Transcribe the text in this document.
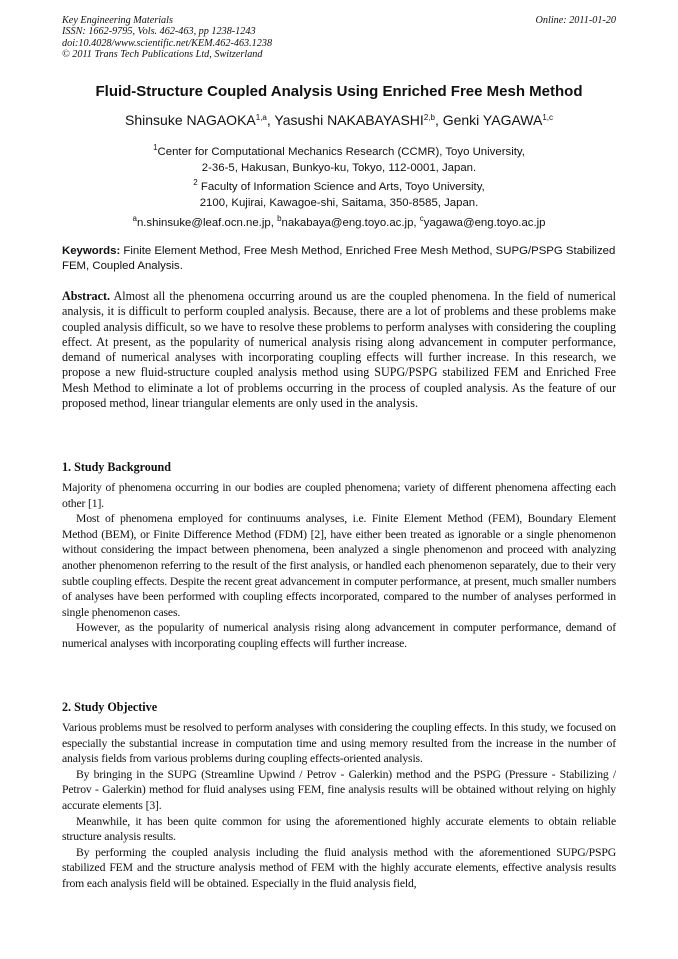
Key Engineering Materials
ISSN: 1662-9795, Vols. 462-463, pp 1238-1243
doi:10.4028/www.scientific.net/KEM.462-463.1238
© 2011 Trans Tech Publications Ltd, Switzerland
Online: 2011-01-20
Fluid-Structure Coupled Analysis Using Enriched Free Mesh Method
Shinsuke NAGAOKA$^{1,a}$, Yasushi NAKABAYASHI$^{2,b}$, Genki YAGAWA$^{1,c}$
$^1$Center for Computational Mechanics Research (CCMR), Toyo University,
2-36-5, Hakusan, Bunkyo-ku, Tokyo, 112-0001, Japan.
$^2$ Faculty of Information Science and Arts, Toyo University,
2100, Kujirai, Kawagoe-shi, Saitama, 350-8585, Japan.
$^a$n.shinsuke@leaf.ocn.ne.jp, $^b$nakabaya@eng.toyo.ac.jp, $^c$yagawa@eng.toyo.ac.jp
Keywords: Finite Element Method, Free Mesh Method, Enriched Free Mesh Method, SUPG/PSPG Stabilized FEM, Coupled Analysis.
Abstract. Almost all the phenomena occurring around us are the coupled phenomena. In the field of numerical analysis, it is difficult to perform coupled analysis. Because, there are a lot of problems and these problems make coupled analysis difficult, so we have to resolve these problems to perform analyses with considering the coupling effect. At present, as the popularity of numerical analysis rising along advancement in computer performance, demand of numerical analyses with incorporating coupling effects will further increase. In this research, we propose a new fluid-structure coupled analysis method using SUPG/PSPG stabilized FEM and Enriched Free Mesh Method to eliminate a lot of problems occurring in the process of coupled analysis. As the feature of our proposed method, linear triangular elements are only used in the analysis.
1. Study Background

Majority of phenomena occurring in our bodies are coupled phenomena; variety of different phenomena affecting each other [1].

Most of phenomena employed for continuums analyses, i.e. Finite Element Method (FEM), Boundary Element Method (BEM), or Finite Difference Method (FDM) [2], have either been treated as ignorable or a single phenomenon without considering the impact between phenomena, been analyzed a single phenomenon and proceed with analyzing another phenomenon referring to the result of the first analysis, or handled each phenomenon separately, due to their very subtle coupling effects. Despite the recent great advancement in computer performance, at present, much smaller numbers of analyses have been performed with coupling effects incorporated, compared to the number of analyses performed in single phenomenon cases.

However, as the popularity of numerical analysis rising along advancement in computer performance, demand of numerical analyses with incorporating coupling effects will further increase.

2. Study Objective

Various problems must be resolved to perform analyses with considering the coupling effects. In this study, we focused on especially the substantial increase in computation time and using memory resulted from the increase in the number of analysis fields from various problems during coupling effects-oriented analysis.

By bringing in the SUPG (Streamline Upwind / Petrov - Galerkin) method and the PSPG (Pressure - Stabilizing / Petrov - Galerkin) method for fluid analyses using FEM, fine analysis results will be obtained without relying on highly accurate elements [3].

Meanwhile, it has been quite common for using the aforementioned highly accurate elements to obtain reliable structure analysis results.

By performing the coupled analysis including the fluid analysis method with the aforementioned SUPG/PSPG stabilized FEM and the structure analysis method of FEM with the highly accurate elements, effective analysis results from each analysis field will be obtained. Especially in the fluid analysis field,
